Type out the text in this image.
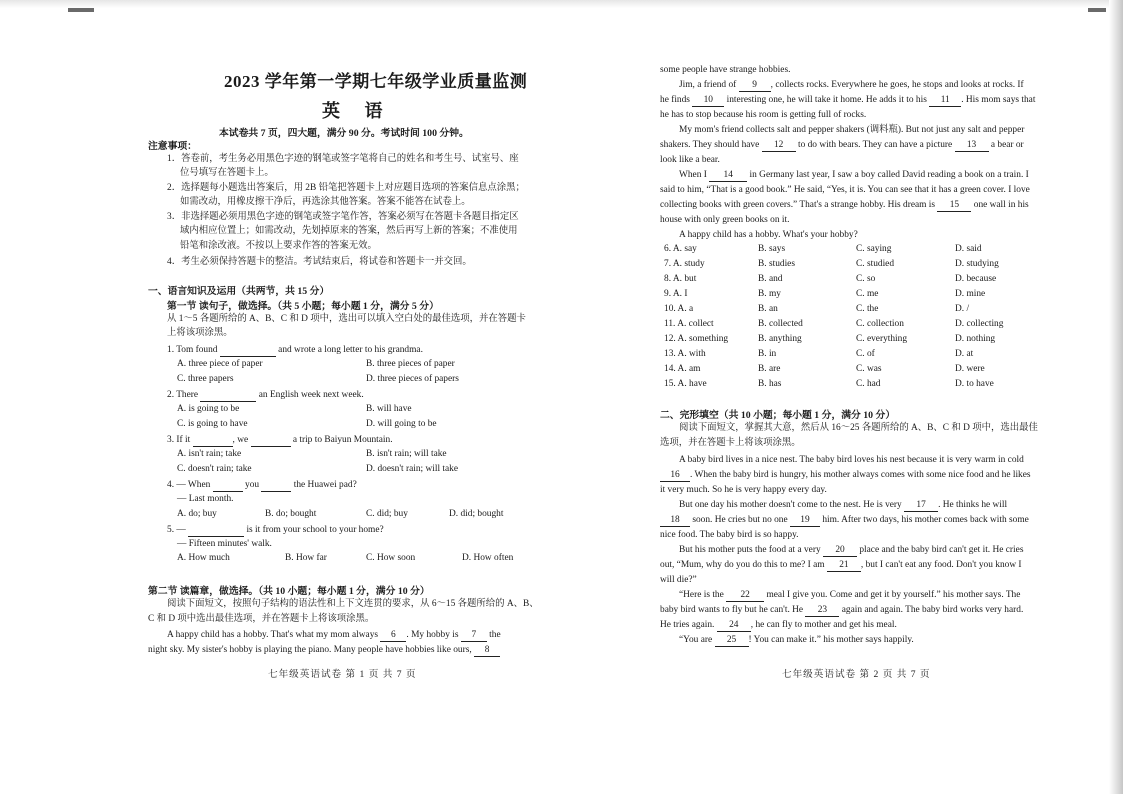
2023 学年第一学期七年级学业质量监测
英 语
本试卷共 7 页，四大题，满分 90 分。考试时间 100 分钟。
注意事项：
1．答卷前，考生务必用黑色字迹的钢笔或签字笔将自己的姓名和考生号、试室号、座
位号填写在答题卡上。
2．选择题每小题选出答案后，用 2B 铅笔把答题卡上对应题目选项的答案信息点涂黑；
如需改动，用橡皮擦干净后，再选涂其他答案。答案不能答在试卷上。
3．非选择题必须用黑色字迹的钢笔或签字笔作答，答案必须写在答题卡各题目指定区
域内相应位置上；如需改动，先划掉原来的答案，然后再写上新的答案；不准使用
铅笔和涂改液。不按以上要求作答的答案无效。
4．考生必须保持答题卡的整洁。考试结束后，将试卷和答题卡一并交回。
一、语言知识及运用（共两节，共 15 分）
第一节 读句子，做选择。（共 5 小题；每小题 1 分，满分 5 分）
从 1～5 各题所给的 A、B、C 和 D 项中，选出可以填入空白处的最佳选项，并在答题卡
上将该项涂黑。
1. Tom found	and wrote a long letter to his grandma.
A. three piece of paper	B. three pieces of paper
C. three papers	D. three pieces of papers
2. There	an English week next week.
A. is going to be	B. will have
C. is going to have	D. will going to be
3. If it	, we	a trip to Baiyun Mountain.
A. isn't rain; take	B. isn't rain; will take
C. doesn't rain; take	D. doesn't rain; will take
4. — When	you	the Huawei pad?
— Last month.
A. do; buy	B. do; bought	C. did; buy	D. did; bought
5. —	is it from your school to your home?
— Fifteen minutes' walk.
A. How much	B. How far	C. How soon	D. How often
第二节 读篇章，做选择。（共 10 小题；每小题 1 分，满分 10 分）
阅读下面短文，按照句子结构的语法性和上下文连贯的要求，从 6～15 各题所给的 A、B、
C 和 D 项中选出最佳选项，并在答题卡上将该项涂黑。
A happy child has a hobby. That's what my mom always 6 . My hobby is 7 the
night sky. My sister's hobby is playing the piano. Many people have hobbies like ours, 8
七年级英语试卷 第 1 页 共 7 页
some people have strange hobbies.
Jim, a friend of 9 , collects rocks. Everywhere he goes, he stops and looks at rocks. If
he finds 10 interesting one, he will take it home. He adds it to his 11 . His mom says that
he has to stop because his room is getting full of rocks.
My mom's friend collects salt and pepper shakers (调料瓶). But not just any salt and pepper
shakers. They should have 12 to do with bears. They can have a picture 13 a bear or
look like a bear.
When I 14 in Germany last year, I saw a boy called David reading a book on a train. I
said to him, “That is a good book.” He said, “Yes, it is. You can see that it has a green cover. I love
collecting books with green covers.” That's a strange hobby. His dream is 15 one wall in his
house with only green books on it.
A happy child has a hobby. What's your hobby?
6. A. say	B. says	C. saying	D. said
7. A. study	B. studies	C. studied	D. studying
8. A. but	B. and	C. so	D. because
9. A. I	B. my	C. me	D. mine
10. A. a	B. an	C. the	D. /
11. A. collect	B. collected	C. collection	D. collecting
12. A. something	B. anything	C. everything	D. nothing
13. A. with	B. in	C. of	D. at
14. A. am	B. are	C. was	D. were
15. A. have	B. has	C. had	D. to have
二、完形填空（共 10 小题；每小题 1 分，满分 10 分）
阅读下面短文，掌握其大意，然后从 16～25 各题所给的 A、B、C 和 D 项中，选出最佳
选项，并在答题卡上将该项涂黑。
A baby bird lives in a nice nest. The baby bird loves his nest because it is very warm in cold
16 . When the baby bird is hungry, his mother always comes with some nice food and he likes
it very much. So he is very happy every day.
But one day his mother doesn't come to the nest. He is very 17 . He thinks he will
18 soon. He cries but no one 19 him. After two days, his mother comes back with some
nice food. The baby bird is so happy.
But his mother puts the food at a very 20 place and the baby bird can't get it. He cries
out, “Mum, why do you do this to me? I am 21 , but I can't eat any food. Don't you know I
will die?”
“Here is the 22 meal I give you. Come and get it by yourself.” his mother says. The
baby bird wants to fly but he can't. He 23 again and again. The baby bird works very hard.
He tries again. 24 , he can fly to mother and get his meal.
“You are 25 ! You can make it.” his mother says happily.
七年级英语试卷 第 2 页 共 7 页
